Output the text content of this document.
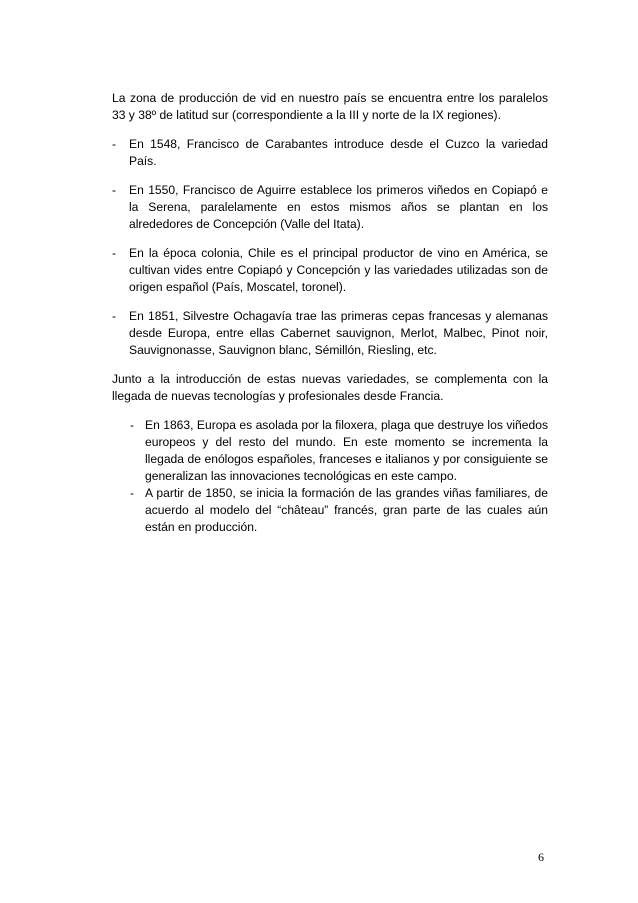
La zona de producción de vid en nuestro país se encuentra entre los paralelos 33 y 38º de latitud sur (correspondiente a la III y norte de la IX regiones).

- En 1548, Francisco de Carabantes introduce desde el Cuzco la variedad País.
- En 1550, Francisco de Aguirre establece los primeros viñedos en Copiapó e la Serena, paralelamente en estos mismos años se plantan en los alrededores de Concepción (Valle del Itata).
- En la época colonia, Chile es el principal productor de vino en América, se cultivan vides entre Copiapó y Concepción y las variedades utilizadas son de origen español (País, Moscatel, toronel).
- En 1851, Silvestre Ochagavía trae las primeras cepas francesas y alemanas desde Europa, entre ellas Cabernet sauvignon, Merlot, Malbec, Pinot noir, Sauvignonasse, Sauvignon blanc, Sémillón, Riesling, etc.

Junto a la introducción de estas nuevas variedades, se complementa con la llegada de nuevas tecnologías y profesionales desde Francia.

- En 1863, Europa es asolada por la filoxera, plaga que destruye los viñedos europeos y del resto del mundo. En este momento se incrementa la llegada de enólogos españoles, franceses e italianos y por consiguiente se generalizan las innovaciones tecnológicas en este campo.
- A partir de 1850, se inicia la formación de las grandes viñas familiares, de acuerdo al modelo del “château” francés, gran parte de las cuales aún están en producción.
6
